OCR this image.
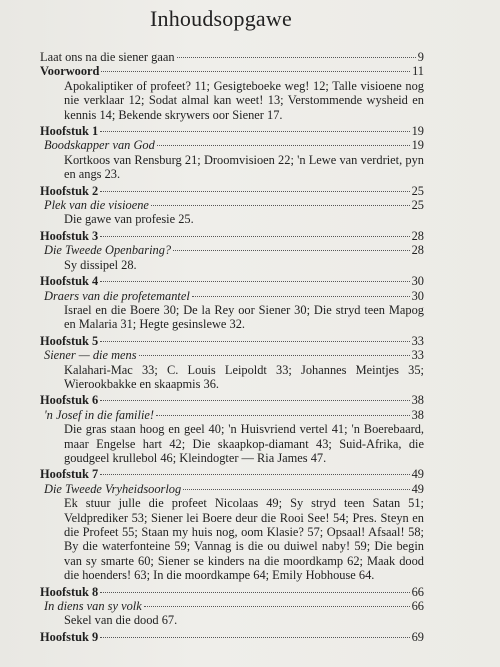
Inhoudsopgawe
Laat ons na die siener gaan	9
Voorwoord	11
Apokaliptiker of profeet? 11; Gesigteboeke weg! 12; Talle visioene nog nie verklaar 12; Sodat almal kan weet! 13; Verstommende wysheid en kennis 14; Bekende skrywers oor Siener 17.
Hoofstuk 1	19
Boodskapper van God	19
Kortkoos van Rensburg 21; Droomvisioen 22; 'n Lewe van verdriet, pyn en angs 23.
Hoofstuk 2	25
Plek van die visioene	25
Die gawe van profesie 25.
Hoofstuk 3	28
Die Tweede Openbaring?	28
Sy dissipel 28.
Hoofstuk 4	30
Draers van die profetemantel	30
Israel en die Boere 30; De la Rey oor Siener 30; Die stryd teen Mapog en Malaria 31; Hegte gesinslewe 32.
Hoofstuk 5	33
Siener — die mens	33
Kalahari-Mac 33; C. Louis Leipoldt 33; Johannes Meintjes 35; Wierookbakke en skaapmis 36.
Hoofstuk 6	38
'n Josef in die familie!	38
Die gras staan hoog en geel 40; 'n Huisvriend vertel 41; 'n Boerebaard, maar Engelse hart 42; Die skaapkop-diamant 43; Suid-Afrika, die goudgeel krullebol 46; Kleindogter — Ria James 47.
Hoofstuk 7	49
Die Tweede Vryheidsoorlog	49
Ek stuur julle die profeet Nicolaas 49; Sy stryd teen Satan 51; Veldprediker 53; Siener lei Boere deur die Rooi See! 54; Pres. Steyn en die Profeet 55; Staan my huis nog, oom Klasie? 57; Opsaal! Afsaal! 58; By die waterfonteine 59; Vannag is die ou duiwel naby! 59; Die begin van sy smarte 60; Siener se kinders na die moordkamp 62; Maak dood die hoenders! 63; In die moordkampe 64; Emily Hobhouse 64.
Hoofstuk 8	66
In diens van sy volk	66
Sekel van die dood 67.
Hoofstuk 9	69
